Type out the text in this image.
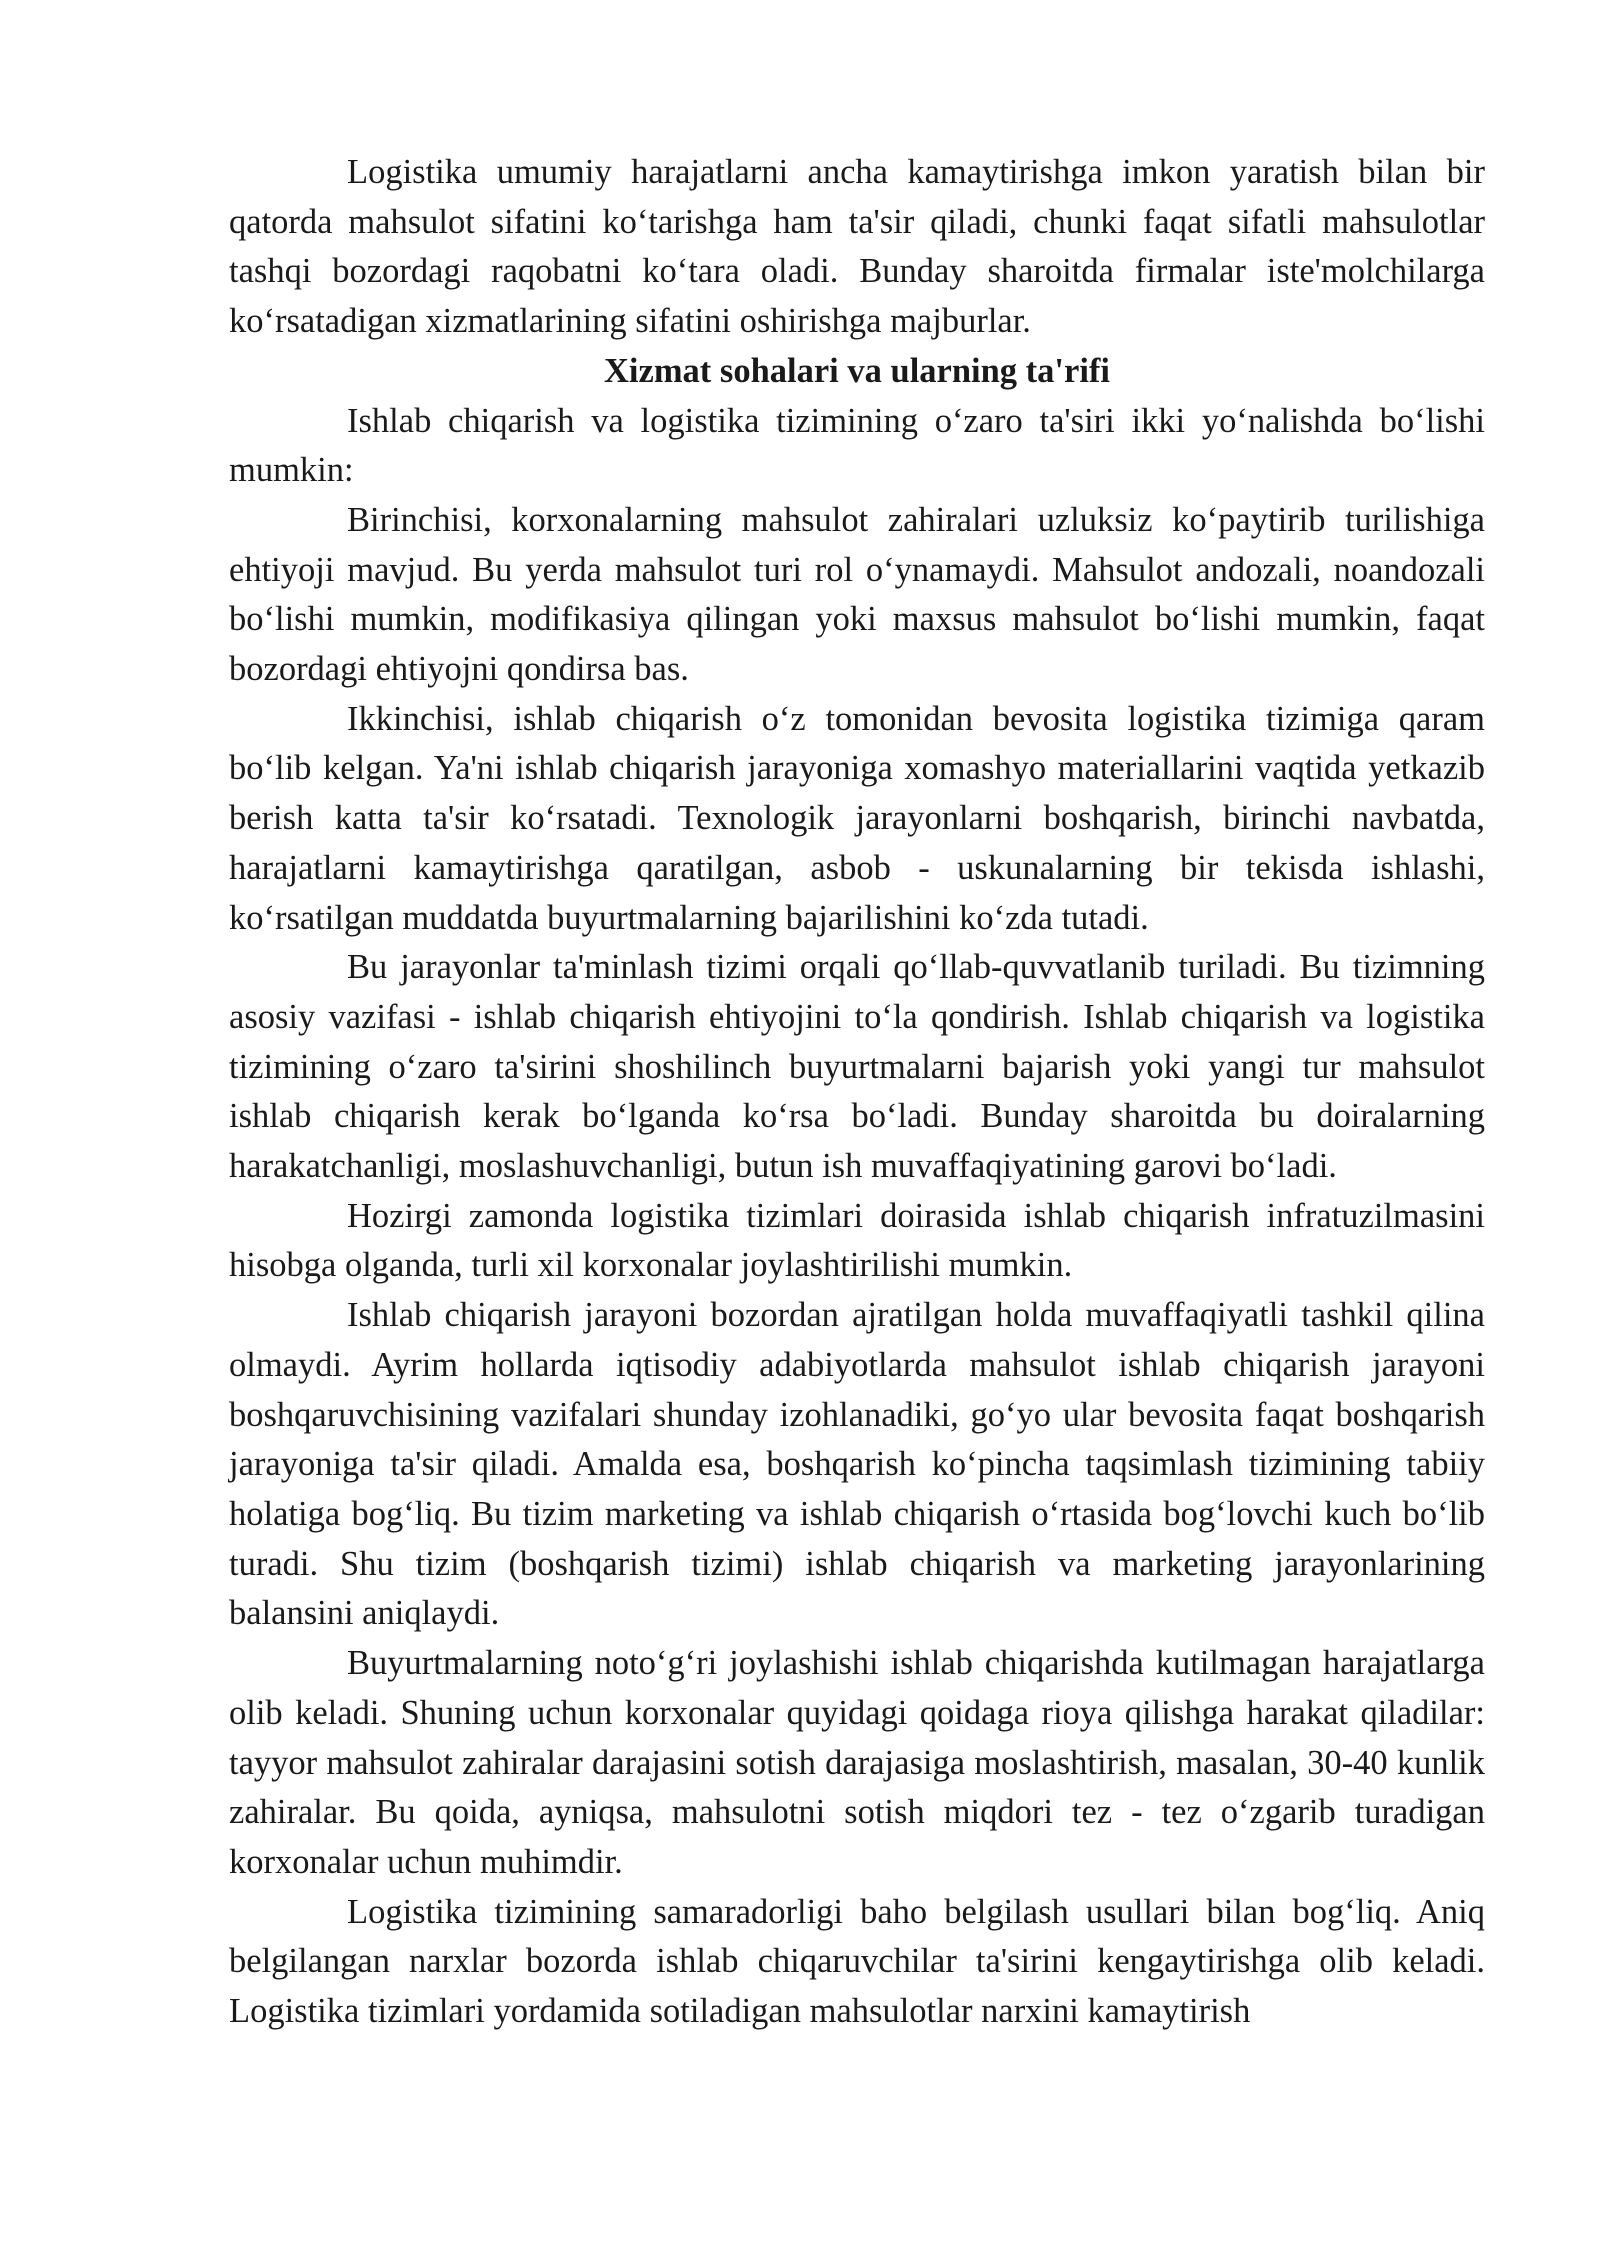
Logistika umumiy harajatlarni ancha kamaytirishga imkon yaratish bilan bir qatorda mahsulot sifatini koʻtarishga ham ta'sir qiladi, chunki faqat sifatli mahsulotlar tashqi bozordagi raqobatni koʻtara oladi. Bunday sharoitda firmalar iste'molchilarga koʻrsatadigan xizmatlarining sifatini oshirishga majburlar.

Xizmat sohalari va ularning ta'rifi

Ishlab chiqarish va logistika tizimining oʻzaro ta'siri ikki yoʻnalishda boʻlishi mumkin:

Birinchisi, korxonalarning mahsulot zahiralari uzluksiz koʻpaytirib turilishiga ehtiyoji mavjud. Bu yerda mahsulot turi rol oʻynamaydi. Mahsulot andozali, noandozali boʻlishi mumkin, modifikasiya qilingan yoki maxsus mahsulot boʻlishi mumkin, faqat bozordagi ehtiyojni qondirsa bas.

Ikkinchisi, ishlab chiqarish oʻz tomonidan bevosita logistika tizimiga qaram boʻlib kelgan. Ya'ni ishlab chiqarish jarayoniga xomashyo materiallarini vaqtida yetkazib berish katta ta'sir koʻrsatadi. Texnologik jarayonlarni boshqarish, birinchi navbatda, harajatlarni kamaytirishga qaratilgan, asbob - uskunalarning bir tekisda ishlashi, koʻrsatilgan muddatda buyurtmalarning bajarilishini koʻzda tutadi.

Bu jarayonlar ta'minlash tizimi orqali qoʻllab-quvvatlanib turiladi. Bu tizimning asosiy vazifasi - ishlab chiqarish ehtiyojini toʻla qondirish. Ishlab chiqarish va logistika tizimining oʻzaro ta'sirini shoshilinch buyurtmalarni bajarish yoki yangi tur mahsulot ishlab chiqarish kerak boʻlganda koʻrsa boʻladi. Bunday sharoitda bu doiralarning harakatchanligi, moslashuvchanligi, butun ish muvaffaqiyatining garovi boʻladi.

Hozirgi zamonda logistika tizimlari doirasida ishlab chiqarish infratuzilmasini hisobga olganda, turli xil korxonalar joylashtirilishi mumkin.

Ishlab chiqarish jarayoni bozordan ajratilgan holda muvaffaqiyatli tashkil qilina olmaydi. Ayrim hollarda iqtisodiy adabiyotlarda mahsulot ishlab chiqarish jarayoni boshqaruvchisining vazifalari shunday izohlanadiki, goʻyo ular bevosita faqat boshqarish jarayoniga ta'sir qiladi. Amalda esa, boshqarish koʻpincha taqsimlash tizimining tabiiy holatiga bogʻliq. Bu tizim marketing va ishlab chiqarish oʻrtasida bogʻlovchi kuch boʻlib turadi. Shu tizim (boshqarish tizimi) ishlab chiqarish va marketing jarayonlarining balansini aniqlaydi.

Buyurtmalarning notoʻgʻri joylashishi ishlab chiqarishda kutilmagan harajatlarga olib keladi. Shuning uchun korxonalar quyidagi qoidaga rioya qilishga harakat qiladilar: tayyor mahsulot zahiralar darajasini sotish darajasiga moslashtirish, masalan, 30-40 kunlik zahiralar. Bu qoida, ayniqsa, mahsulotni sotish miqdori tez - tez oʻzgarib turadigan korxonalar uchun muhimdir.

Logistika tizimining samaradorligi baho belgilash usullari bilan bogʻliq. Aniq belgilangan narxlar bozorda ishlab chiqaruvchilar ta'sirini kengaytirishga olib keladi. Logistika tizimlari yordamida sotiladigan mahsulotlar narxini kamaytirish
